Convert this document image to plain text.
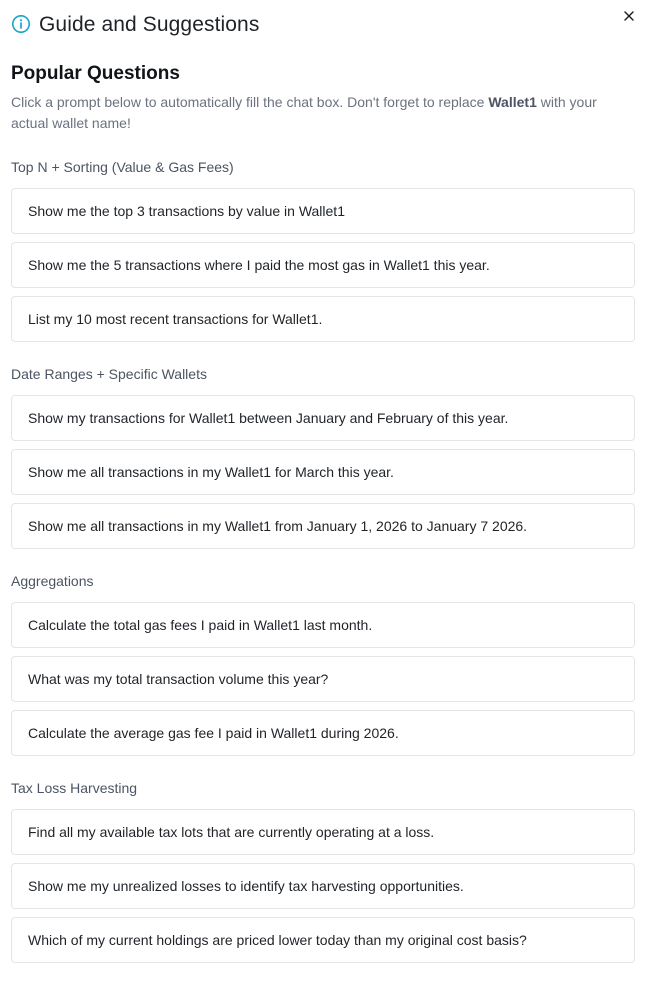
Guide and Suggestions
Popular Questions

Click a prompt below to automatically fill the chat box. Don't forget to replace Wallet1 with your actual wallet name!

Top N + Sorting (Value & Gas Fees)
Show me the top 3 transactions by value in Wallet1
Show me the 5 transactions where I paid the most gas in Wallet1 this year.
List my 10 most recent transactions for Wallet1.
Date Ranges + Specific Wallets
Show my transactions for Wallet1 between January and February of this year.
Show me all transactions in my Wallet1 for March this year.
Show me all transactions in my Wallet1 from January 1, 2026 to January 7 2026.
Aggregations
Calculate the total gas fees I paid in Wallet1 last month.
What was my total transaction volume this year?
Calculate the average gas fee I paid in Wallet1 during 2026.
Tax Loss Harvesting
Find all my available tax lots that are currently operating at a loss.
Show me my unrealized losses to identify tax harvesting opportunities.
Which of my current holdings are priced lower today than my original cost basis?
